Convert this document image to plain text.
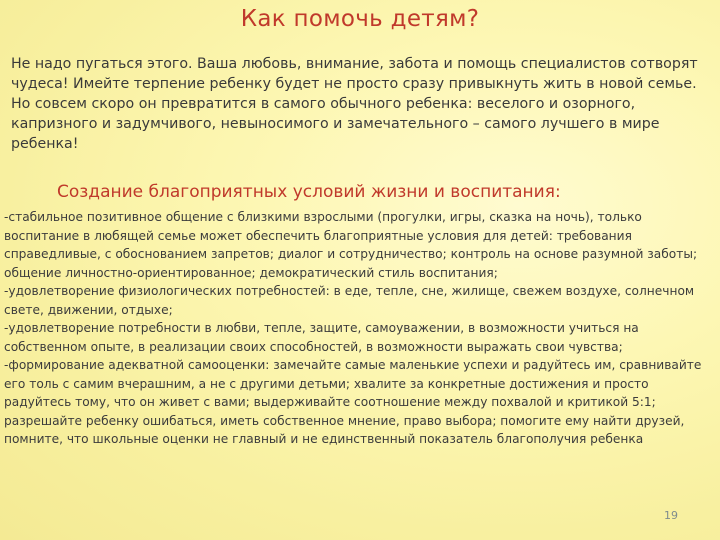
Как помочь детям?

Не надо пугаться этого. Ваша любовь, внимание, забота и помощь специалистов сотворят чудеса! Имейте терпение ребенку будет не просто сразу привыкнуть жить в новой семье. Но совсем скоро он превратится в самого обычного ребенка: веселого и озорного, капризного и задумчивого, невыносимого и замечательного – самого лучшего в мире ребенка!

Создание благоприятных условий жизни и воспитания:
-стабильное позитивное общение с близкими взрослыми (прогулки, игры, сказка на ночь), только воспитание в любящей семье может обеспечить благоприятные условия для детей: требования справедливые, с обоснованием запретов; диалог и сотрудничество; контроль на основе разумной заботы; общение личностно-ориентированное; демократический стиль воспитания;
-удовлетворение физиологических потребностей: в еде, тепле, сне, жилище, свежем воздухе, солнечном свете, движении, отдыхе;
-удовлетворение потребности в любви, тепле, защите, самоуважении, в возможности учиться на собственном опыте, в реализации своих способностей, в возможности выражать свои чувства;
-формирование адекватной самооценки: замечайте самые маленькие успехи и радуйтесь им, сравнивайте его толь с самим вчерашним, а не с другими детьми; хвалите за конкретные достижения и просто радуйтесь тому, что он живет с вами; выдерживайте соотношение между похвалой и критикой 5:1; разрешайте ребенку ошибаться, иметь собственное мнение, право выбора; помогите ему найти друзей, помните, что школьные оценки не главный и не единственный показатель благополучия ребенка
19
